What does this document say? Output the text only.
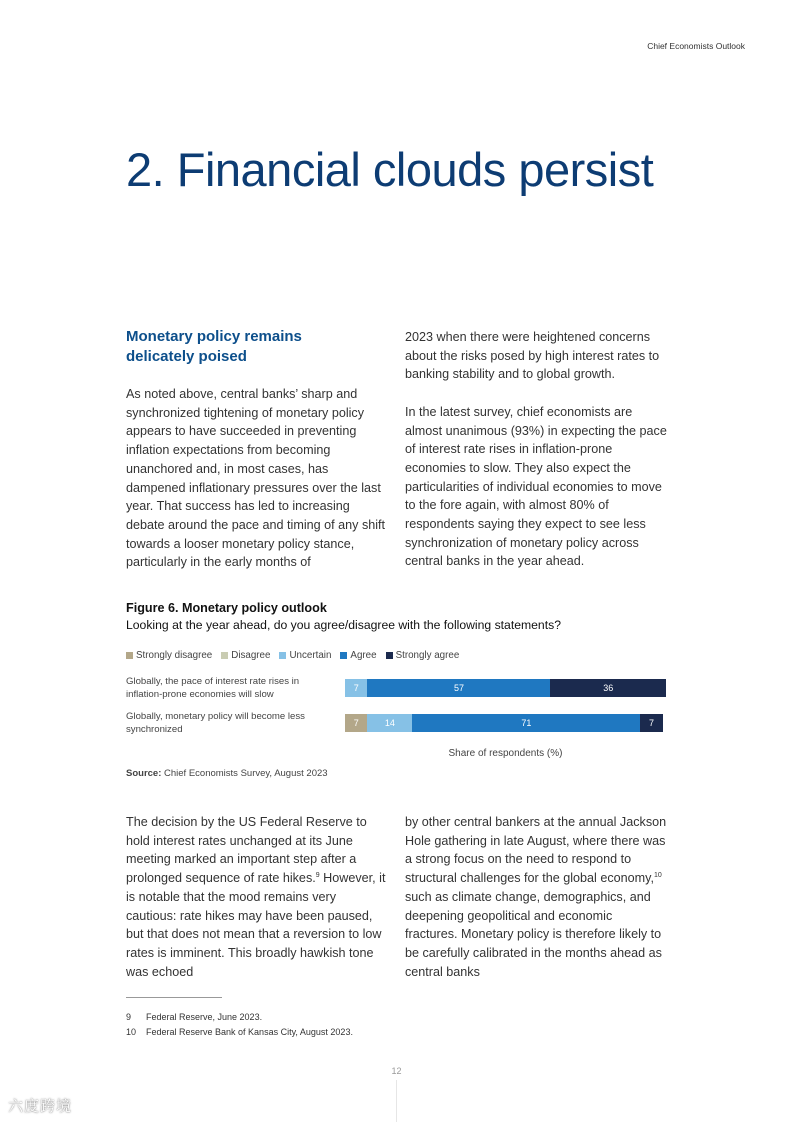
Chief Economists Outlook
2. Financial clouds persist
Monetary policy remains
delicately poised

As noted above, central banks’ sharp and synchronized tightening of monetary policy appears to have succeeded in preventing inflation expectations from becoming unanchored and, in most cases, has dampened inflationary pressures over the last year. That success has led to increasing debate around the pace and timing of any shift towards a looser monetary policy stance, particularly in the early months of

2023 when there were heightened concerns about the risks posed by high interest rates to banking stability and to global growth.

In the latest survey, chief economists are almost unanimous (93%) in expecting the pace of interest rate rises in inflation-prone economies to slow. They also expect the particularities of individual economies to move to the fore again, with almost 80% of respondents saying they expect to see less synchronization of monetary policy across central banks in the year ahead.

Figure 6. Monetary policy outlook
Looking at the year ahead, do you agree/disagree with the following statements?
Strongly disagree Disagree Uncertain Agree Strongly agree
Globally, the pace of interest rate rises in inflation-prone economies will slow
7	57	36
Globally, monetary policy will become less synchronized
7	14	71	7
Share of respondents (%)
Source: Chief Economists Survey, August 2023

The decision by the US Federal Reserve to hold interest rates unchanged at its June meeting marked an important step after a prolonged sequence of rate hikes.$^9$ However, it is notable that the mood remains very cautious: rate hikes may have been paused, but that does not mean that a reversion to low rates is imminent. This broadly hawkish tone was echoed

by other central bankers at the annual Jackson Hole gathering in late August, where there was a strong focus on the need to respond to structural challenges for the global economy,$^{10}$ such as climate change, demographics, and deepening geopolitical and economic fractures. Monetary policy is therefore likely to be carefully calibrated in the months ahead as central banks

9 Federal Reserve, June 2023.
10 Federal Reserve Bank of Kansas City, August 2023.
12
六度跨境
